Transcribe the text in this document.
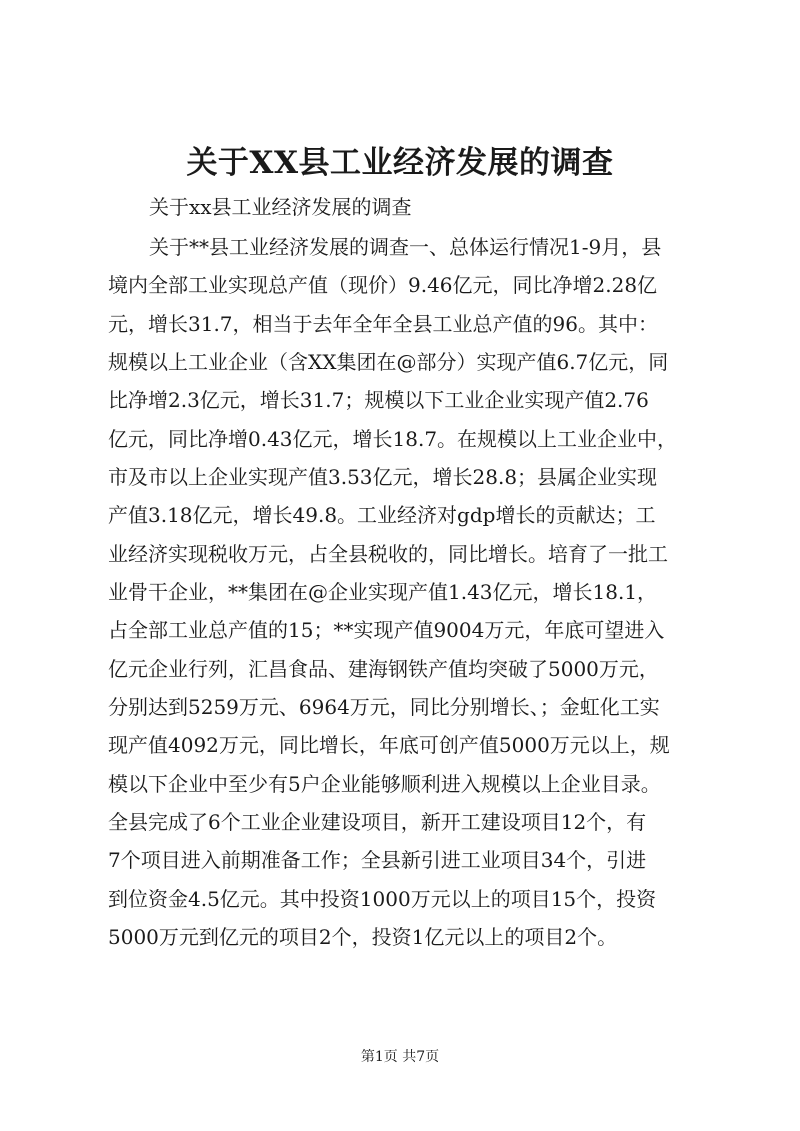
关于XX县工业经济发展的调查
关于xx县工业经济发展的调查
关于**县工业经济发展的调查一、总体运行情况1-9月，县
境内全部工业实现总产值（现价）9.46亿元，同比净增2.28亿
元，增长31.7，相当于去年全年全县工业总产值的96。其中：
规模以上工业企业（含XX集团在@部分）实现产值6.7亿元，同
比净增2.3亿元，增长31.7；规模以下工业企业实现产值2.76
亿元，同比净增0.43亿元，增长18.7。在规模以上工业企业中，
市及市以上企业实现产值3.53亿元，增长28.8；县属企业实现
产值3.18亿元，增长49.8。工业经济对gdp增长的贡献达；工
业经济实现税收万元，占全县税收的，同比增长。培育了一批工
业骨干企业，**集团在@企业实现产值1.43亿元，增长18.1，
占全部工业总产值的15；**实现产值9004万元，年底可望进入
亿元企业行列，汇昌食品、建海钢铁产值均突破了5000万元，
分别达到5259万元、6964万元，同比分别增长、；金虹化工实
现产值4092万元，同比增长，年底可创产值5000万元以上，规
模以下企业中至少有5户企业能够顺利进入规模以上企业目录。
全县完成了6个工业企业建设项目，新开工建设项目12个，有
7个项目进入前期准备工作；全县新引进工业项目34个，引进
到位资金4.5亿元。其中投资1000万元以上的项目15个，投资
5000万元到亿元的项目2个，投资1亿元以上的项目2个。
第1页 共7页
